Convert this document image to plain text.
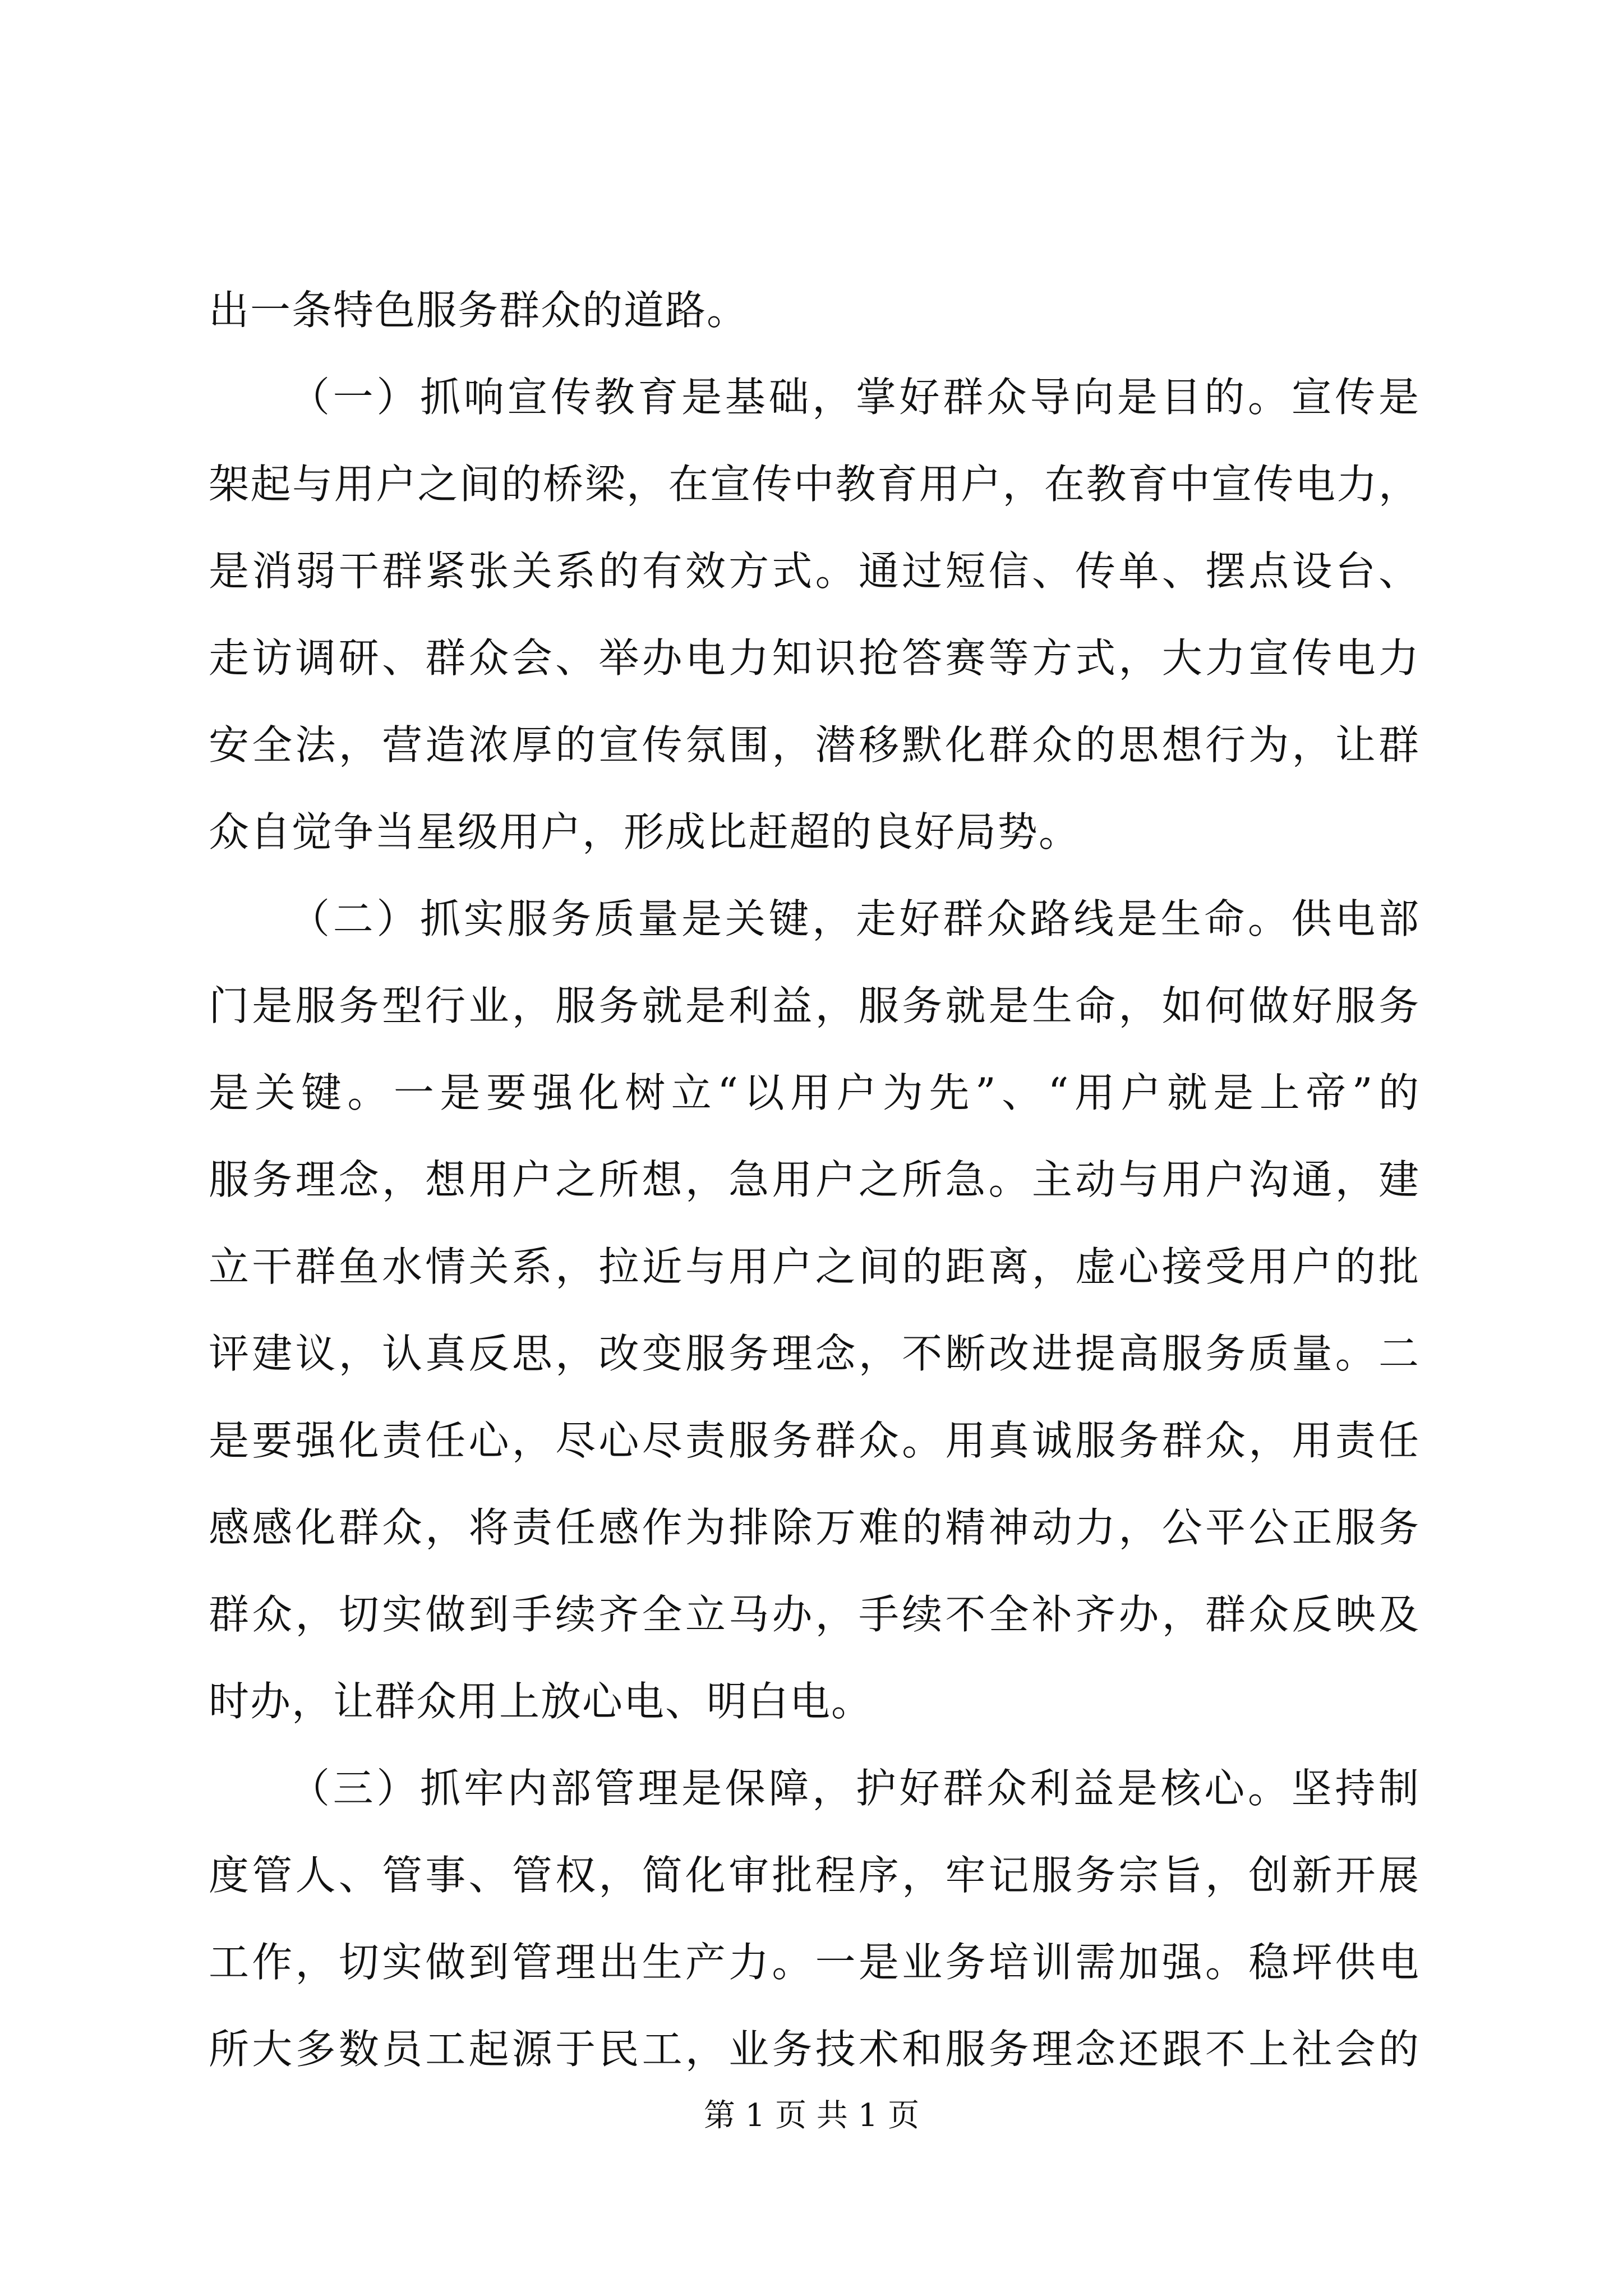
出一条特色服务群众的道路。
（一）抓响宣传教育是基础，掌好群众导向是目的。宣传是
架起与用户之间的桥梁，在宣传中教育用户，在教育中宣传电力，
是消弱干群紧张关系的有效方式。通过短信、传单、摆点设台、
走访调研、群众会、举办电力知识抢答赛等方式，大力宣传电力
安全法，营造浓厚的宣传氛围，潜移默化群众的思想行为，让群
众自觉争当星级用户，形成比赶超的良好局势。
（二）抓实服务质量是关键，走好群众路线是生命。供电部
门是服务型行业，服务就是利益，服务就是生命，如何做好服务
是关键。一是要强化树立“以用户为先”、“用户就是上帝”的
服务理念，想用户之所想，急用户之所急。主动与用户沟通，建
立干群鱼水情关系，拉近与用户之间的距离，虚心接受用户的批
评建议，认真反思，改变服务理念，不断改进提高服务质量。二
是要强化责任心，尽心尽责服务群众。用真诚服务群众，用责任
感感化群众，将责任感作为排除万难的精神动力，公平公正服务
群众，切实做到手续齐全立马办，手续不全补齐办，群众反映及
时办，让群众用上放心电、明白电。
（三）抓牢内部管理是保障，护好群众利益是核心。坚持制
度管人、管事、管权，简化审批程序，牢记服务宗旨，创新开展
工作，切实做到管理出生产力。一是业务培训需加强。稳坪供电
所大多数员工起源于民工，业务技术和服务理念还跟不上社会的
第 1 页 共 1 页
